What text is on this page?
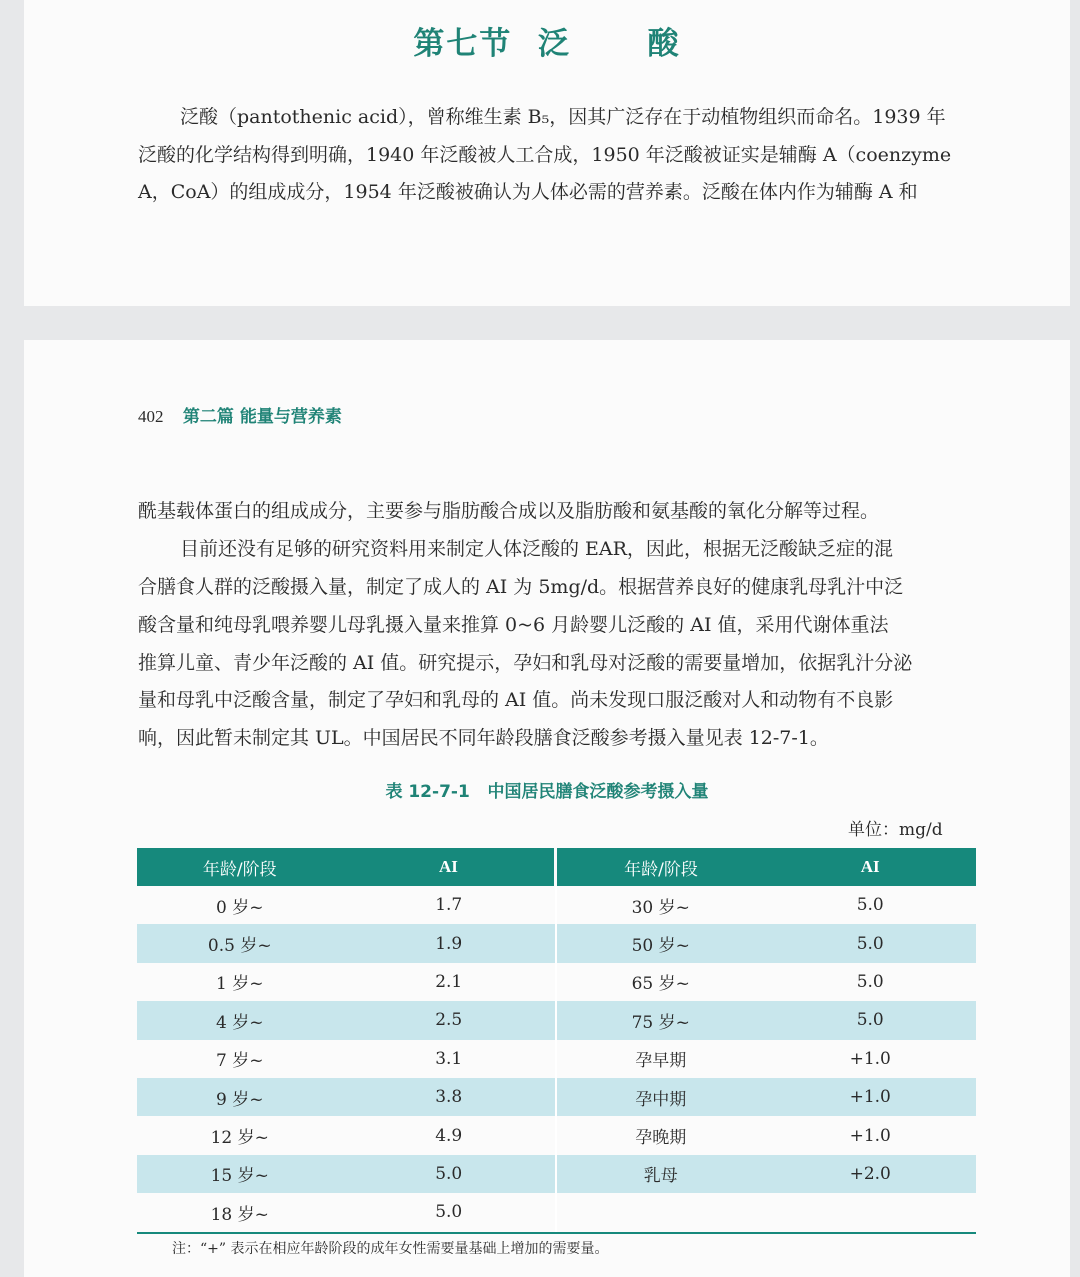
第七节  泛      酸
泛酸（pantothenic acid），曾称维生素 B₅，因其广泛存在于动植物组织而命名。1939 年
泛酸的化学结构得到明确，1940 年泛酸被人工合成，1950 年泛酸被证实是辅酶 A（coenzyme
A，CoA）的组成成分，1954 年泛酸被确认为人体必需的营养素。泛酸在体内作为辅酶 A 和
402 第二篇 能量与营养素
酰基载体蛋白的组成成分，主要参与脂肪酸合成以及脂肪酸和氨基酸的氧化分解等过程。
目前还没有足够的研究资料用来制定人体泛酸的 EAR，因此，根据无泛酸缺乏症的混
合膳食人群的泛酸摄入量，制定了成人的 AI 为 5mg/d。根据营养良好的健康乳母乳汁中泛
酸含量和纯母乳喂养婴儿母乳摄入量来推算 0~6 月龄婴儿泛酸的 AI 值，采用代谢体重法
推算儿童、青少年泛酸的 AI 值。研究提示，孕妇和乳母对泛酸的需要量增加，依据乳汁分泌
量和母乳中泛酸含量，制定了孕妇和乳母的 AI 值。尚未发现口服泛酸对人和动物有不良影
响，因此暂未制定其 UL。中国居民不同年龄段膳食泛酸参考摄入量见表 12-7-1。
表 12-7-1   中国居民膳食泛酸参考摄入量
单位：mg/d
年龄/阶段	AI	年龄/阶段	AI
0 岁~	1.7	30 岁~	5.0
0.5 岁~	1.9	50 岁~	5.0
1 岁~	2.1	65 岁~	5.0
4 岁~	2.5	75 岁~	5.0
7 岁~	3.1	孕早期	+1.0
9 岁~	3.8	孕中期	+1.0
12 岁~	4.9	孕晚期	+1.0
15 岁~	5.0	乳母	+2.0
18 岁~	5.0		
注：“+” 表示在相应年龄阶段的成年女性需要量基础上增加的需要量。
